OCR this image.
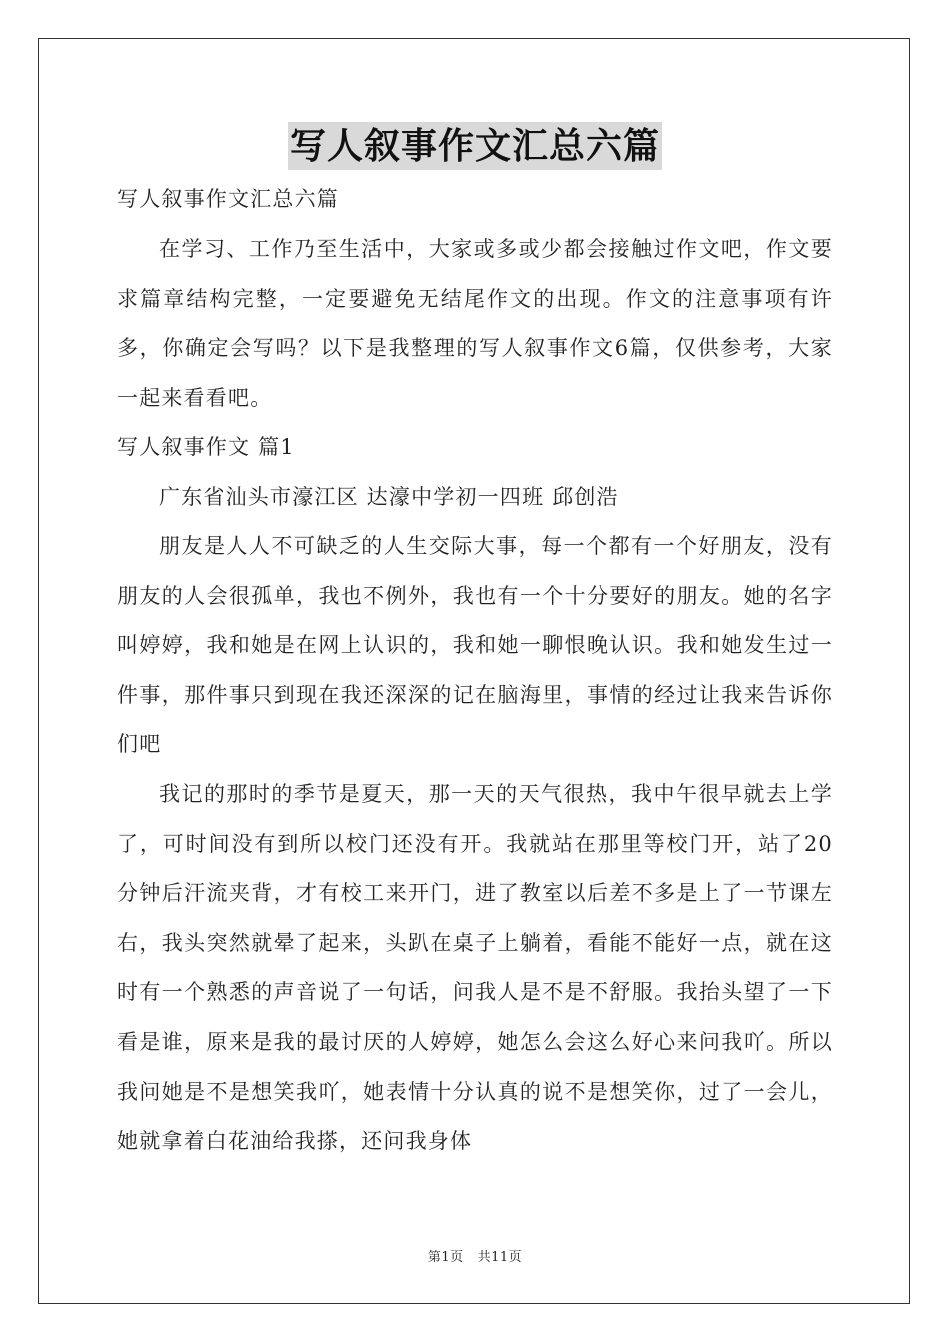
写人叙事作文汇总六篇

写人叙事作文汇总六篇

在学习、工作乃至生活中，大家或多或少都会接触过作文吧，作文要求篇章结构完整，一定要避免无结尾作文的出现。作文的注意事项有许多，你确定会写吗？以下是我整理的写人叙事作文6篇，仅供参考，大家一起来看看吧。

写人叙事作文 篇1

广东省汕头市濠江区 达濠中学初一四班 邱创浩

朋友是人人不可缺乏的人生交际大事，每一个都有一个好朋友，没有朋友的人会很孤单，我也不例外，我也有一个十分要好的朋友。她的名字叫婷婷，我和她是在网上认识的，我和她一聊恨晚认识。我和她发生过一件事，那件事只到现在我还深深的记在脑海里，事情的经过让我来告诉你们吧

我记的那时的季节是夏天，那一天的天气很热，我中午很早就去上学了，可时间没有到所以校门还没有开。我就站在那里等校门开，站了20分钟后汗流夹背，才有校工来开门，进了教室以后差不多是上了一节课左右，我头突然就晕了起来，头趴在桌子上躺着，看能不能好一点，就在这时有一个熟悉的声音说了一句话，问我人是不是不舒服。我抬头望了一下看是谁，原来是我的最讨厌的人婷婷，她怎么会这么好心来问我吖。所以我问她是不是想笑我吖，她表情十分认真的说不是想笑你，过了一会儿，她就拿着白花油给我搽，还问我身体

第1页 共11页
